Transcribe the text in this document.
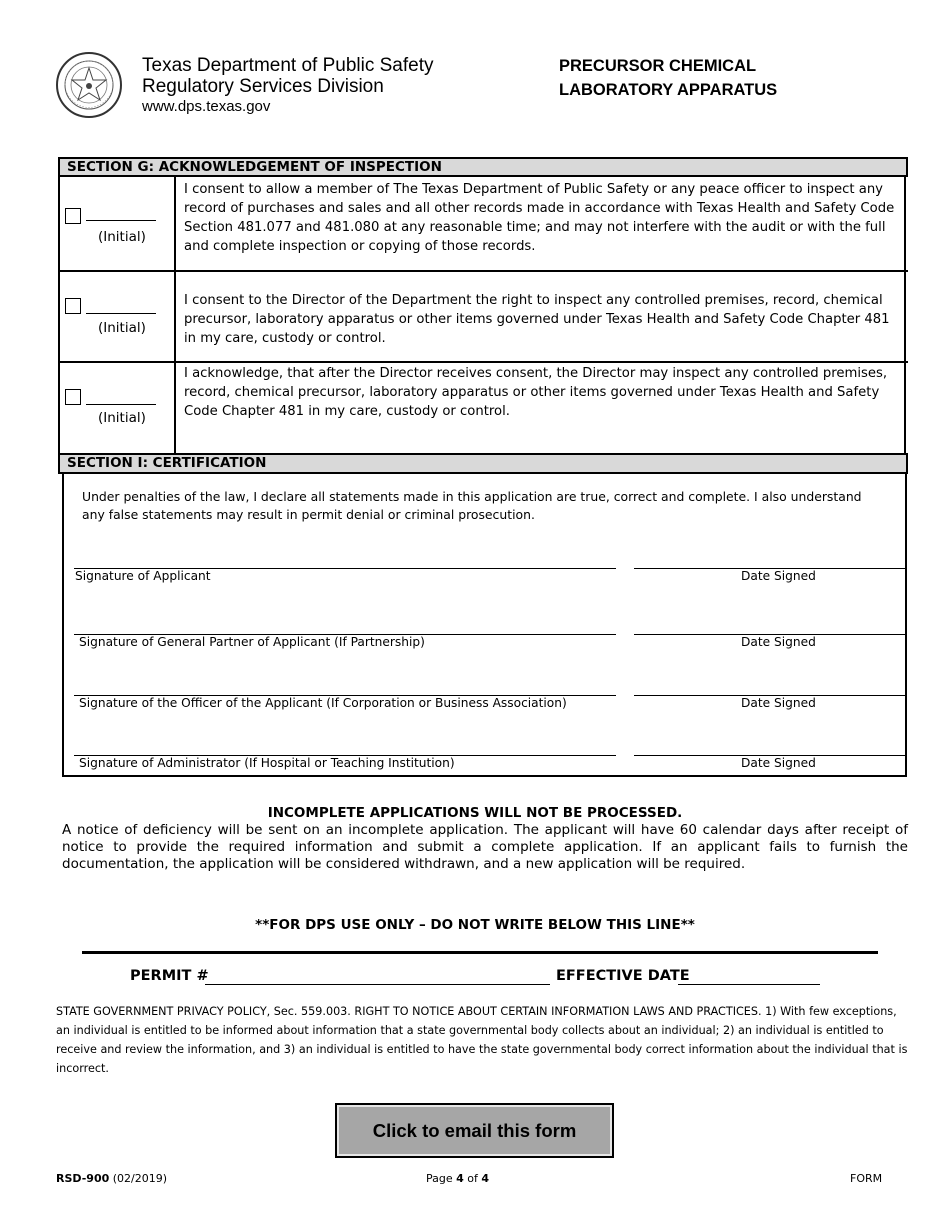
Texas Department of Public Safety
Regulatory Services Division
www.dps.texas.gov
PRECURSOR CHEMICAL
LABORATORY APPARATUS
SECTION G: ACKNOWLEDGEMENT OF INSPECTION
(Initial)
I consent to allow a member of The Texas Department of Public Safety or any peace officer to inspect any record of purchases and sales and all other records made in accordance with Texas Health and Safety Code Section 481.077 and 481.080 at any reasonable time; and may not interfere with the audit or with the full and complete inspection or copying of those records.
(Initial)
I consent to the Director of the Department the right to inspect any controlled premises, record, chemical precursor, laboratory apparatus or other items governed under Texas Health and Safety Code Chapter 481 in my care, custody or control.
(Initial)
I acknowledge, that after the Director receives consent, the Director may inspect any controlled premises, record, chemical precursor, laboratory apparatus or other items governed under Texas Health and Safety Code Chapter 481 in my care, custody or control.
SECTION I: CERTIFICATION
Under penalties of the law, I declare all statements made in this application are true, correct and complete. I also understand any false statements may result in permit denial or criminal prosecution.
Signature of Applicant	Date Signed
Signature of General Partner of Applicant (If Partnership)	Date Signed
Signature of the Officer of the Applicant (If Corporation or Business Association)	Date Signed
Signature of Administrator (If Hospital or Teaching Institution)	Date Signed
INCOMPLETE APPLICATIONS WILL NOT BE PROCESSED.
A notice of deficiency will be sent on an incomplete application. The applicant will have 60 calendar days after receipt of notice to provide the required information and submit a complete application. If an applicant fails to furnish the documentation, the application will be considered withdrawn, and a new application will be required.
**FOR DPS USE ONLY – DO NOT WRITE BELOW THIS LINE**
PERMIT #	EFFECTIVE DATE
STATE GOVERNMENT PRIVACY POLICY, Sec. 559.003. RIGHT TO NOTICE ABOUT CERTAIN INFORMATION LAWS AND PRACTICES. 1) With few exceptions, an individual is entitled to be informed about information that a state governmental body collects about an individual; 2) an individual is entitled to receive and review the information, and 3) an individual is entitled to have the state governmental body correct information about the individual that is incorrect.
Click to email this form
RSD-900 (02/2019)	Page 4 of 4	FORM
